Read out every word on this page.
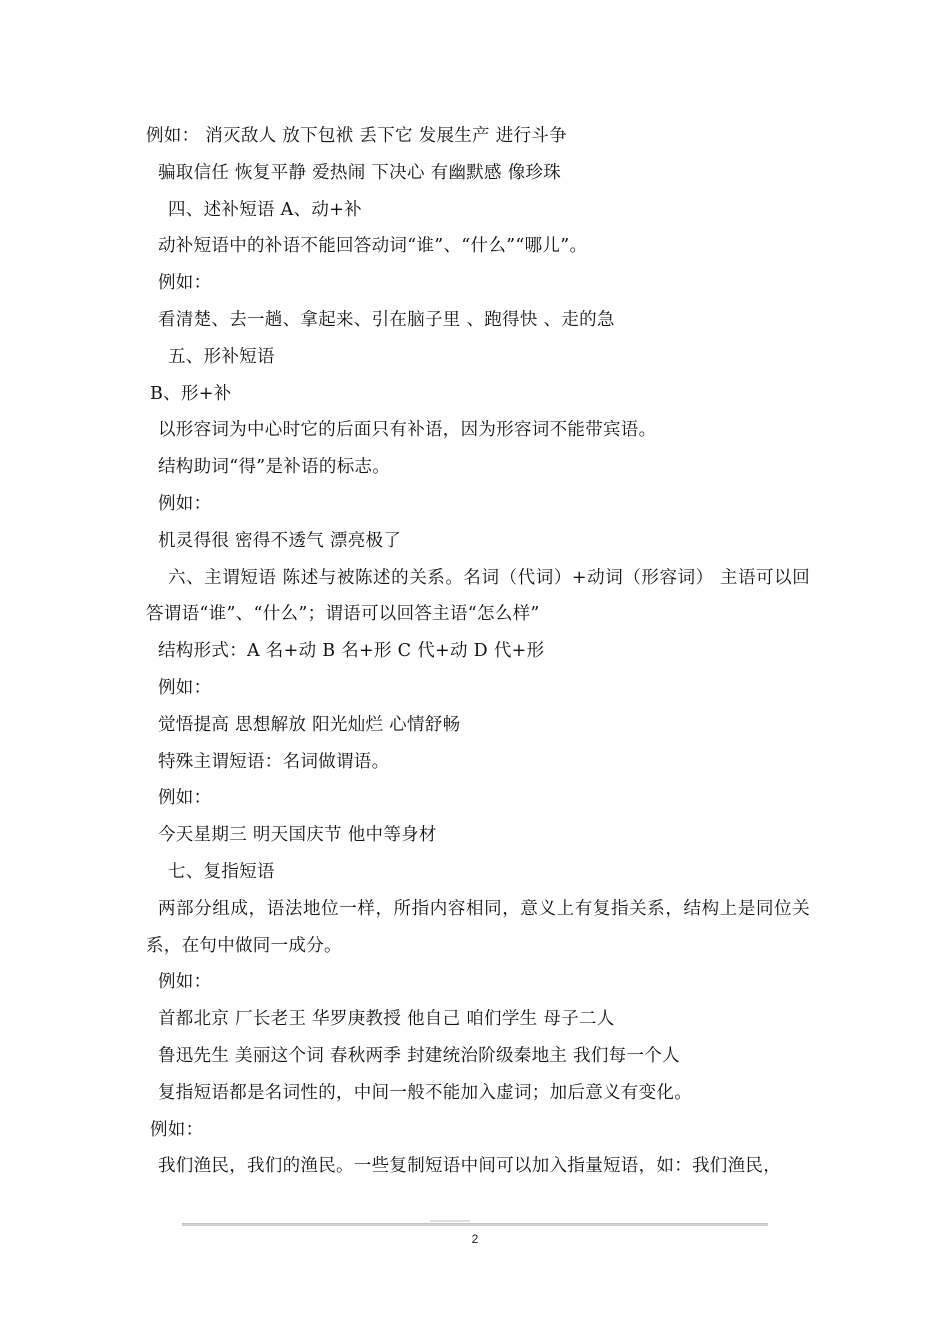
例如： 消灭敌人 放下包袱 丢下它 发展生产 进行斗争
骗取信任 恢复平静 爱热闹 下决心 有幽默感 像珍珠
四、述补短语 A、动+补
动补短语中的补语不能回答动词“谁”、“什么”“哪儿”。
例如：
看清楚、去一趟、拿起来、引在脑子里 、跑得快 、走的急
五、形补短语
B、形+补
以形容词为中心时它的后面只有补语，因为形容词不能带宾语。
结构助词“得”是补语的标志。
例如：
机灵得很 密得不透气 漂亮极了
六、主谓短语 陈述与被陈述的关系。名词（代词）+动词（形容词） 主语可以回答谓语“谁”、“什么”；谓语可以回答主语“怎么样”
结构形式：A 名+动 B 名+形 C 代+动 D 代+形
例如：
觉悟提高 思想解放 阳光灿烂 心情舒畅
特殊主谓短语：名词做谓语。
例如：
今天星期三 明天国庆节 他中等身材
七、复指短语
两部分组成，语法地位一样，所指内容相同，意义上有复指关系，结构上是同位关系，在句中做同一成分。
例如：
首都北京 厂长老王 华罗庚教授 他自己 咱们学生 母子二人
鲁迅先生 美丽这个词 春秋两季 封建统治阶级秦地主 我们每一个人
复指短语都是名词性的，中间一般不能加入虚词；加后意义有变化。
例如：
我们渔民，我们的渔民。一些复制短语中间可以加入指量短语，如：我们渔民，
2
